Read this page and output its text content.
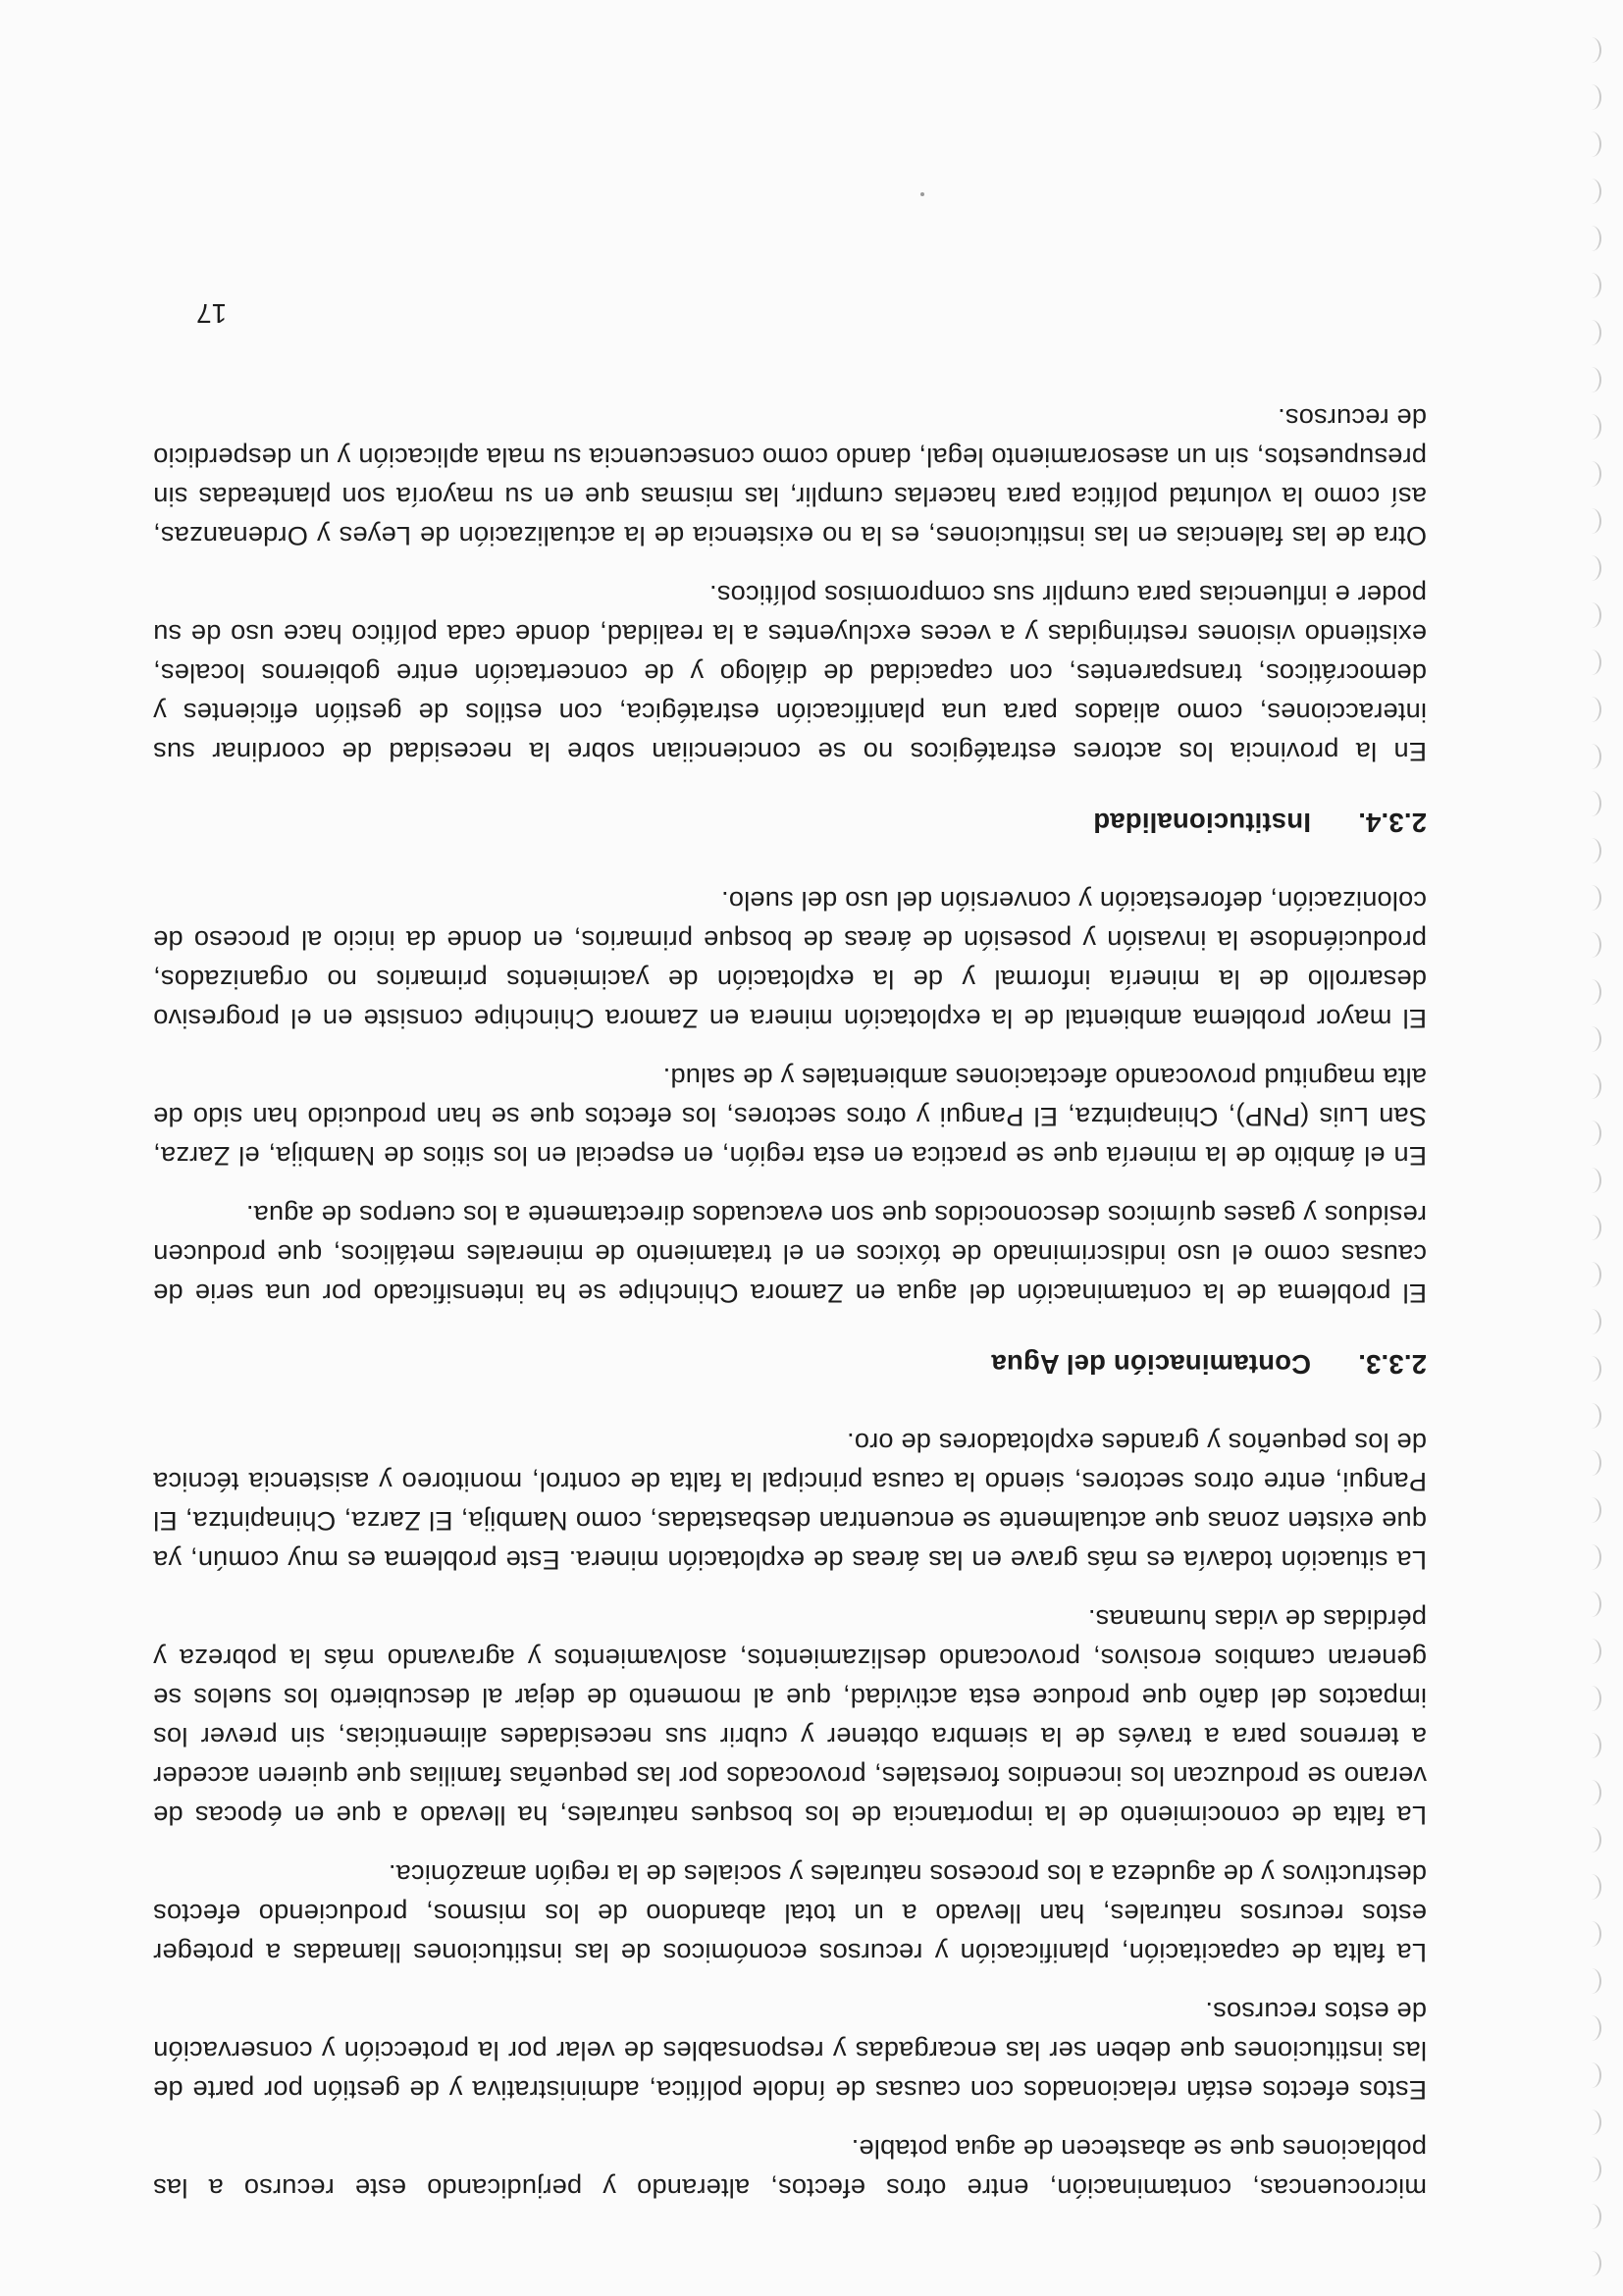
microcuencas, contaminación, entre otros efectos, alterando y perjudicando este recurso a las poblaciones que se abastecen de agua potable.

Estos efectos están relacionados con causas de índole política, administrativa y de gestión por parte de las instituciones que deben ser las encargadas y responsables de velar por la protección y conservación de estos recursos.

La falta de capacitación, planificación y recursos económicos de las instituciones llamadas a proteger estos recursos naturales, han llevado a un total abandono de los mismos, produciendo efectos destructivos y de agudeza a los procesos naturales y sociales de la región amazónica.

La falta de conocimiento de la importancia de los bosques naturales, ha llevado a que en épocas de verano se produzcan los incendios forestales, provocados por las pequeñas familias que quieren acceder a terrenos para a través de la siembra obtener y cubrir sus necesidades alimenticias, sin prever los impactos del daño que produce esta actividad, que al momento de dejar al descubierto los suelos se generan cambios erosivos, provocando deslizamientos, asolvamientos y agravando más la pobreza y pérdidas de vidas humanas.

La situación todavía es más grave en las áreas de explotación minera. Este problema es muy común, ya que existen zonas que actualmente se encuentran desbastadas, como Nambija, El Zarza, Chinapintza, El Pangui, entre otros sectores, siendo la causa principal la falta de control, monitoreo y asistencia técnica de los pequeños y grandes explotadores de oro.

2.3.3.Contaminación del Agua

El problema de la contaminación del agua en Zamora Chinchipe se ha intensificado por una serie de causas como el uso indiscriminado de tóxicos en el tratamiento de minerales metálicos, que producen residuos y gases químicos desconocidos que son evacuados directamente a los cuerpos de agua.

En el ámbito de la minería que se practica en esta región, en especial en los sitios de Nambija, el Zarza, San Luis (PNP), Chinapintza, El Pangui y otros sectores, los efectos que se han producido han sido de alta magnitud provocando afectaciones ambientales y de salud.

El mayor problema ambiental de la explotación minera en Zamora Chinchipe consiste en el progresivo desarrollo de la minería informal y de la explotación de yacimientos primarios no organizados, produciéndose la invasión y posesión de áreas de bosque primarios, en donde da inicio al proceso de colonización, deforestación y conversión del uso del suelo.

2.3.4.Institucionalidad

En la provincia los actores estratégicos no se concienciian sobre la necesidad de coordinar sus interacciones, como aliados para una planificación estratégica, con estilos de gestión eficientes y democráticos, transparentes, con capacidad de diálogo y de concertación entre gobiernos locales, existiendo visiones restringidas y a veces excluyentes a la realidad, donde cada político hace uso de su poder e influencias para cumplir sus compromisos políticos.

Otra de las falencias en las instituciones, es la no existencia de la actualización de Leyes y Ordenanzas, así como la voluntad política para hacerlas cumplir, las mismas que en su mayoría son planteadas sin presupuestos, sin un asesoramiento legal, dando como consecuencia su mala aplicación y un desperdicio de recursos.

17
